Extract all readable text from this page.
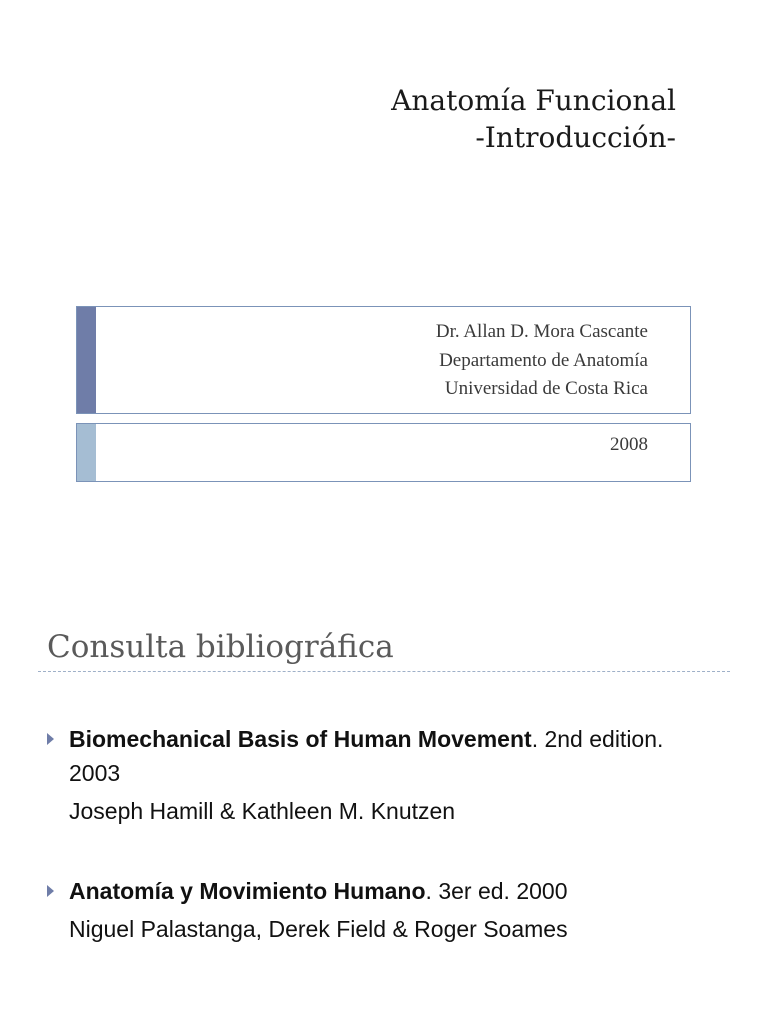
Anatomía Funcional
-Introducción-
Dr. Allan D. Mora Cascante
Departamento de Anatomía
Universidad de Costa Rica
2008
Consulta bibliográfica
Biomechanical Basis of Human Movement. 2nd edition. 2003
Joseph Hamill & Kathleen M. Knutzen
Anatomía y Movimiento Humano. 3er ed. 2000
Niguel Palastanga, Derek Field & Roger Soames
